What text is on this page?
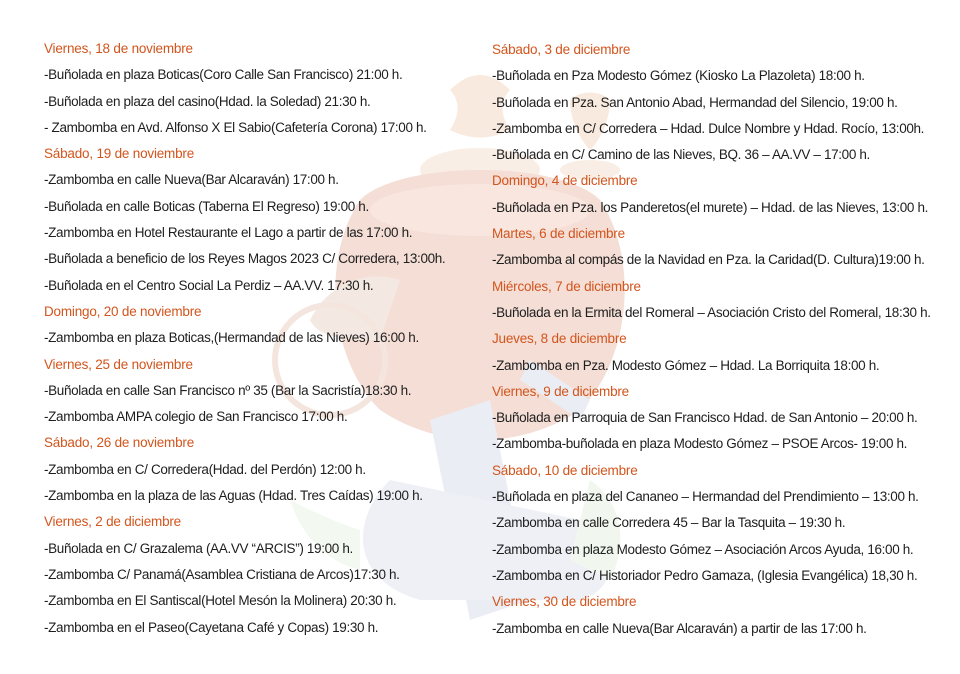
Viernes, 18 de noviembre
-Buñolada en plaza Boticas(Coro Calle San Francisco) 21:00 h.
-Buñolada en plaza del casino(Hdad. la Soledad) 21:30 h.
- Zambomba en Avd. Alfonso X El Sabio(Cafetería Corona) 17:00 h.
Sábado, 19 de noviembre
-Zambomba en calle Nueva(Bar Alcaraván) 17:00 h.
-Buñolada en calle Boticas (Taberna El Regreso) 19:00 h.
-Zambomba en Hotel Restaurante el Lago a partir de las 17:00 h.
-Buñolada a beneficio de los Reyes Magos 2023 C/ Corredera, 13:00h.
-Buñolada en el Centro Social La Perdiz – AA.VV. 17:30 h.
Domingo, 20 de noviembre
-Zambomba en plaza Boticas,(Hermandad de las Nieves) 16:00 h.
Viernes, 25 de noviembre
-Buñolada en calle San Francisco nº 35 (Bar la Sacristía)18:30 h.
-Zambomba AMPA colegio de San Francisco 17:00 h.
Sábado, 26 de noviembre
-Zambomba en C/ Corredera(Hdad. del Perdón) 12:00 h.
-Zambomba en la plaza de las Aguas (Hdad. Tres Caídas) 19:00 h.
Viernes, 2 de diciembre
-Buñolada en C/ Grazalema (AA.VV “ARCIS”) 19:00 h.
-Zambomba C/ Panamá(Asamblea Cristiana de Arcos)17:30 h.
-Zambomba en El Santiscal(Hotel Mesón la Molinera) 20:30 h.
-Zambomba en el Paseo(Cayetana Café y Copas) 19:30 h.
Sábado, 3 de diciembre
-Buñolada en Pza Modesto Gómez (Kiosko La Plazoleta) 18:00 h.
-Buñolada en Pza. San Antonio Abad, Hermandad del Silencio, 19:00 h.
-Zambomba en C/ Corredera – Hdad. Dulce Nombre y Hdad. Rocío, 13:00h.
-Buñolada en C/ Camino de las Nieves, BQ. 36 – AA.VV – 17:00 h.
Domingo, 4 de diciembre
-Buñolada en Pza. los Panderetos(el murete) – Hdad. de las Nieves, 13:00 h.
Martes, 6 de diciembre
-Zambomba al compás de la Navidad en Pza. la Caridad(D. Cultura)19:00 h.
Miércoles, 7 de diciembre
-Buñolada en la Ermita del Romeral – Asociación Cristo del Romeral, 18:30 h.
Jueves, 8 de diciembre
-Zambomba en Pza. Modesto Gómez – Hdad. La Borriquita 18:00 h.
Viernes, 9 de diciembre
-Buñolada en Parroquia de San Francisco Hdad. de San Antonio – 20:00 h.
-Zambomba-buñolada en plaza Modesto Gómez – PSOE Arcos- 19:00 h.
Sábado, 10 de diciembre
-Buñolada en plaza del Cananeo – Hermandad del Prendimiento – 13:00 h.
-Zambomba en calle Corredera 45 – Bar la Tasquita – 19:30 h.
-Zambomba en plaza Modesto Gómez – Asociación Arcos Ayuda, 16:00 h.
-Zambomba en C/ Historiador Pedro Gamaza, (Iglesia Evangélica) 18,30 h.
Viernes, 30 de diciembre
-Zambomba en calle Nueva(Bar Alcaraván) a partir de las 17:00 h.
